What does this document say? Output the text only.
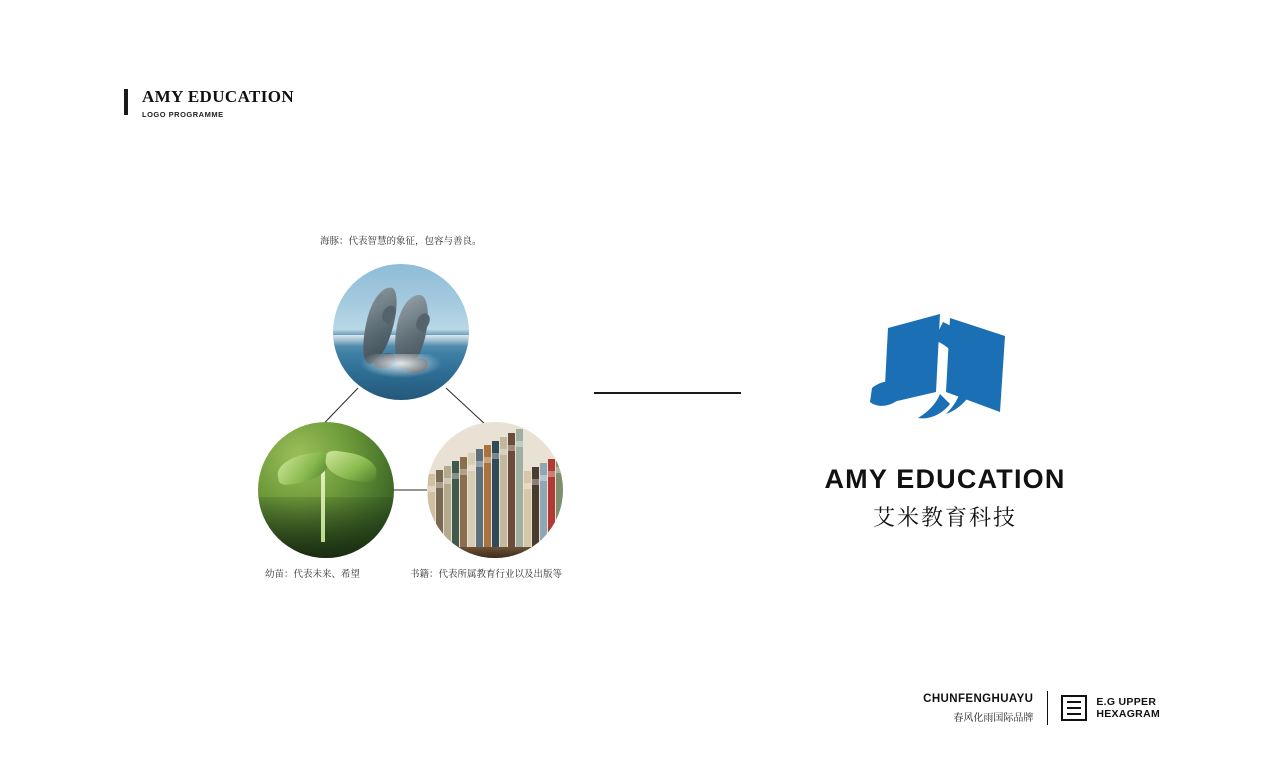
AMY EDUCATION
LOGO PROGRAMME
海豚：代表智慧的象征，包容与善良。
幼苗：代表未来、希望	书籍：代表所属教育行业以及出版等
AMY EDUCATION
艾米教育科技
CHUNFENGHUAYU
春风化雨国际品牌
E.G UPPER
HEXAGRAM
